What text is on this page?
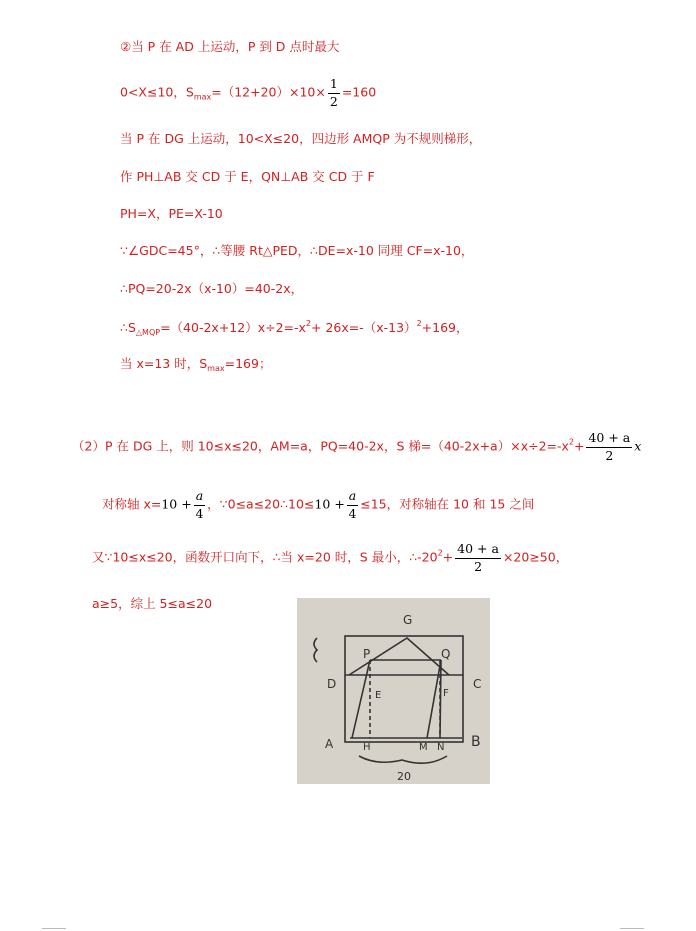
②当 P 在 AD 上运动，P 到 D 点时最大
0<X≤10，$S_{max}=(12+20)\times 10\times \frac{1}{2} =160$
当 P 在 DG 上运动，10<X≤20，四边形 AMQP 为不规则梯形，
作 PH⊥AB 交 CD 于 E，QN⊥AB 交 CD 于 F
PH=X，PE=X-10
∵∠GDC=45°，∴等腰 Rt△PED，∴DE=x-10 同理 CF=x-10，
∴PQ=20-2x（x-10）=40-2x，
$\therefore S_{\triangle MQP}=(40-2x+12)x\div 2=-x^2+ 26x=-(x-13)^2+169$，
当 x=13 时，$S_{max}=169$；
（2）P 在 DG 上，则 10≤x≤20，AM=a，PQ=40-2x，S 梯$=(40-2x+a)\times x\div 2=-x^2+ \frac{40 + a}{2}$ x
对称轴 $x=10 + \frac{a}{4}$ ，∵0≤a≤20∴10≤10 + $\frac{a}{4} \le 15$，对称轴在 10 和 15 之间
又∵10≤x≤20，函数开口向下，∴当 x=20 时，S 最小，$\therefore-20^2+ \frac{40 + a}{2} \times 20\ge 50$，
a≥5，综上 5≤a≤20
G
P	Q
D	C
E	F
A	H	M N B
20
